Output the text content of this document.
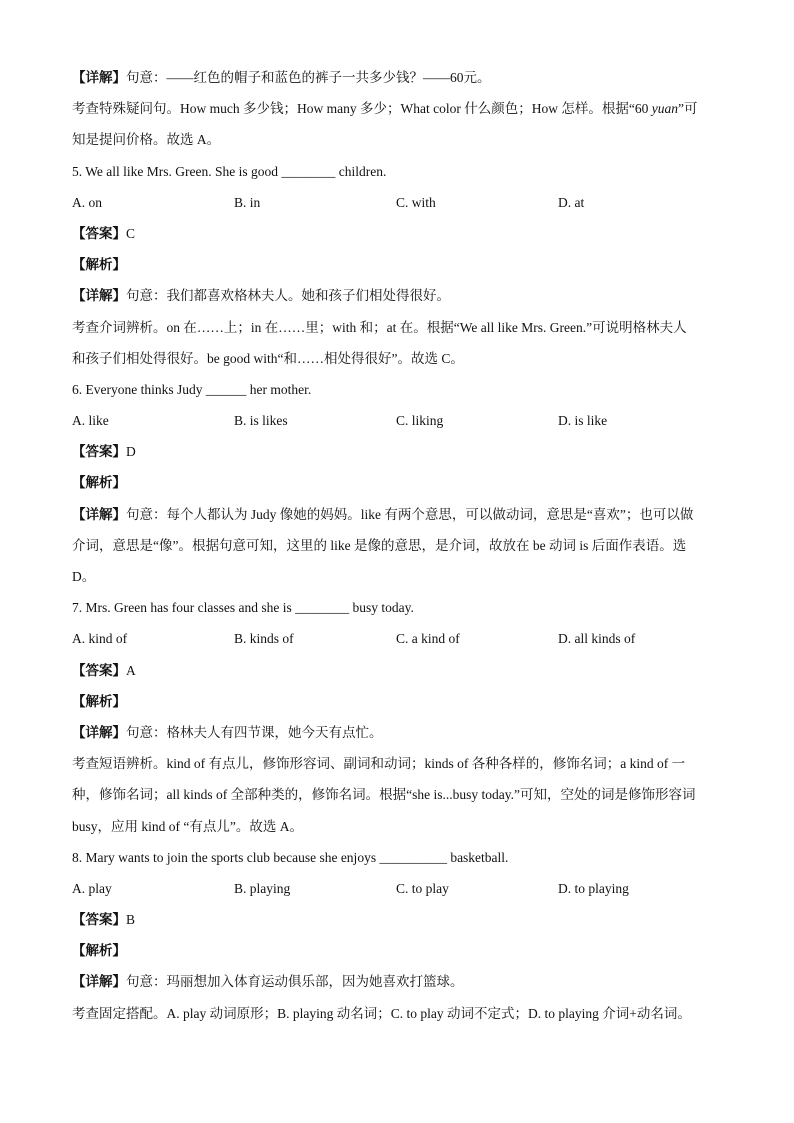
【详解】句意：——红色的帽子和蓝色的裤子一共多少钱？——60元。
考查特殊疑问句。How much 多少钱；How many 多少；What color 什么颜色；How 怎样。根据“60 yuan”可
知是提问价格。故选 A。
5. We all like Mrs. Green. She is good ________ children.
A. on	B. in	C. with	D. at
【答案】C
【解析】
【详解】句意：我们都喜欢格林夫人。她和孩子们相处得很好。
考查介词辨析。on 在……上；in 在……里；with 和；at 在。根据“We all like Mrs. Green.”可说明格林夫人
和孩子们相处得很好。be good with“和……相处得很好”。故选 C。
6. Everyone thinks Judy ______ her mother.
A. like	B. is likes	C. liking	D. is like
【答案】D
【解析】
【详解】句意：每个人都认为 Judy 像她的妈妈。like 有两个意思，可以做动词，意思是“喜欢”；也可以做
介词，意思是“像”。根据句意可知，这里的 like 是像的意思，是介词，故放在 be 动词 is 后面作表语。选
D。
7. Mrs. Green has four classes and she is ________ busy today.
A. kind of	B. kinds of	C. a kind of	D. all kinds of
【答案】A
【解析】
【详解】句意：格林夫人有四节课，她今天有点忙。
考查短语辨析。kind of 有点儿，修饰形容词、副词和动词；kinds of 各种各样的，修饰名词；a kind of 一
种，修饰名词；all kinds of 全部种类的，修饰名词。根据“she is...busy today.”可知，空处的词是修饰形容词
busy，应用 kind of “有点儿”。故选 A。
8. Mary wants to join the sports club because she enjoys __________ basketball.
A. play	B. playing	C. to play	D. to playing
【答案】B
【解析】
【详解】句意：玛丽想加入体育运动俱乐部，因为她喜欢打篮球。
考查固定搭配。A. play 动词原形；B. playing 动名词；C. to play 动词不定式；D. to playing 介词+动名词。
